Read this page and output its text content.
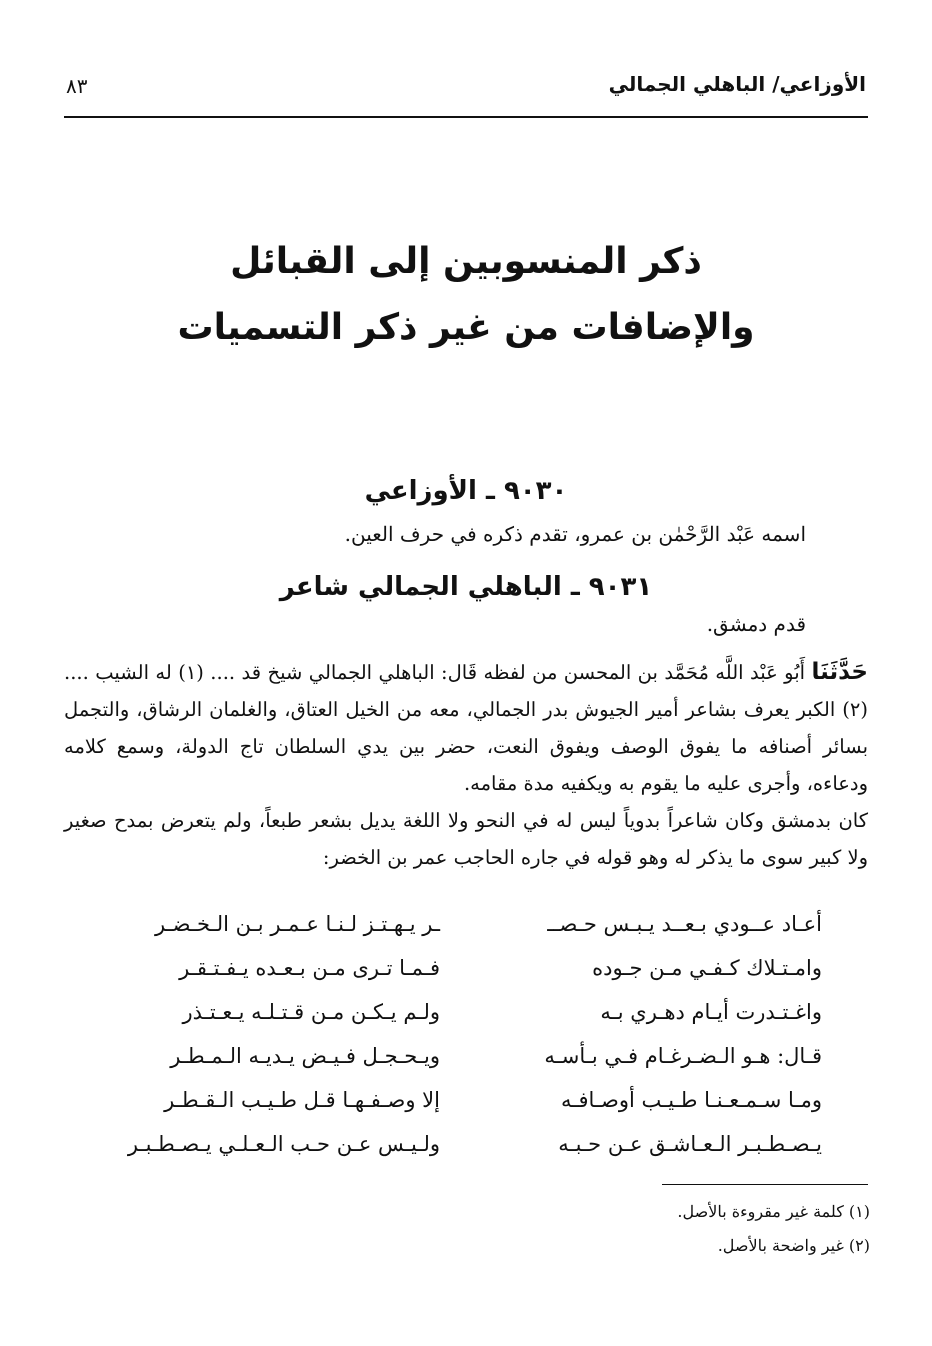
الأوزاعي/ الباهلي الجمالي
٨٣
ذكر المنسوبين إلى القبائل
والإضافات من غير ذكر التسميات
٩٠٣٠ ـ الأوزاعي
اسمه عَبْد الرَّحْمٰن بن عمرو، تقدم ذكره في حرف العين.
٩٠٣١ ـ الباهلي الجمالي شاعر
قدم دمشق.

حَدَّثَنَا أَبُو عَبْد اللَّه مُحَمَّد بن المحسن من لفظه قَال: الباهلي الجمالي شيخ قد .... (١) له الشيب .... (٢) الكبر يعرف بشاعر أمير الجيوش بدر الجمالي، معه من الخيل العتاق، والغلمان الرشاق، والتجمل بسائر أصنافه ما يفوق الوصف ويفوق النعت، حضر بين يدي السلطان تاج الدولة، وسمع كلامه ودعاءه، وأجرى عليه ما يقوم به ويكفيه مدة مقامه.

كان بدمشق وكان شاعراً بدوياً ليس له في النحو ولا اللغة يديل بشعر طبعاً، ولم يتعرض بمدح صغير ولا كبير سوى ما يذكر له وهو قوله في جاره الحاجب عمر بن الخضر:

أعـاد عــودي بـعــد يـبـس حـصــ
ـر يـهـتـز لـنـا عـمـر بـن الـخـضـر
وامـتـلاك كـفـي مـن جـوده
فـمـا تـرى مـن بـعـده يـفـتـقـر
واغـتـدرت أيـام دهـري بـه
ولـم يـكـن مـن قـتـلـه يـعـتـذر
قـال: هـو الـضـرغـام فـي بـأسـه
ويـحـجـل فـيـض يـديـه الـمـطـر
ومـا سـمـعـنـا طـيـب أوصـافـه
إلا وصـفـهـا قـل طـيـب الـقـطـر
يـصـطـبـر الـعـاشـق عـن حـبـه
ولـيـس عـن حـب الـعـلـي يـصـطـبـر
(١) كلمة غير مقروءة بالأصل.
(٢) غير واضحة بالأصل.
